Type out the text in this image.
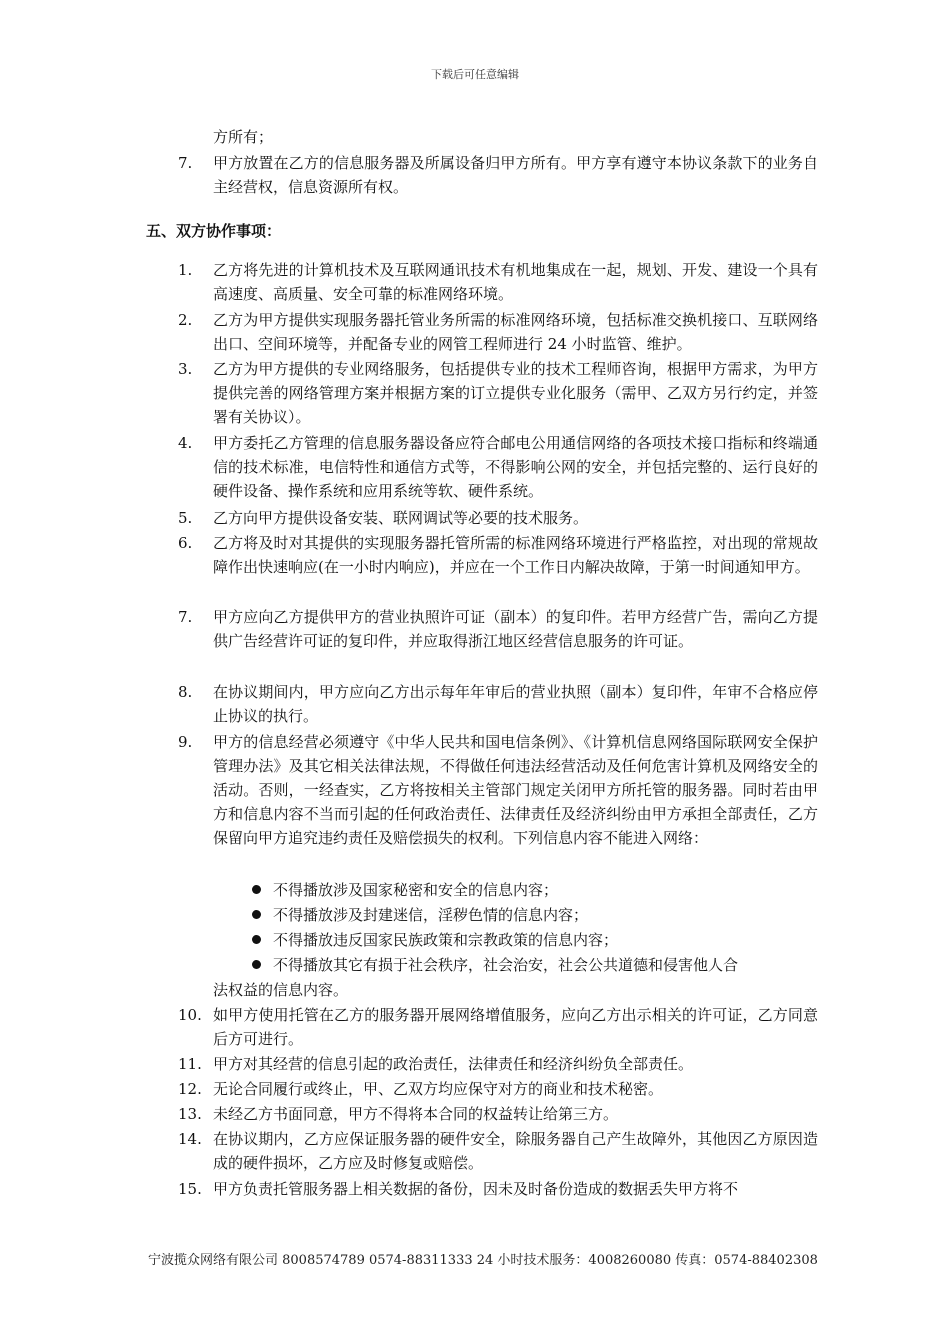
下载后可任意编辑
方所有；
7.	甲方放置在乙方的信息服务器及所属设备归甲方所有。甲方享有遵守本协议条款下的业务自主经营权，信息资源所有权。
五、双方协作事项：
1.	乙方将先进的计算机技术及互联网通讯技术有机地集成在一起，规划、开发、建设一个具有高速度、高质量、安全可靠的标准网络环境。
2.	乙方为甲方提供实现服务器托管业务所需的标准网络环境，包括标准交换机接口、互联网络出口、空间环境等，并配备专业的网管工程师进行 24 小时监管、维护。
3.	乙方为甲方提供的专业网络服务，包括提供专业的技术工程师咨询，根据甲方需求，为甲方提供完善的网络管理方案并根据方案的订立提供专业化服务（需甲、乙双方另行约定，并签署有关协议）。
4.	甲方委托乙方管理的信息服务器设备应符合邮电公用通信网络的各项技术接口指标和终端通信的技术标准，电信特性和通信方式等，不得影响公网的安全，并包括完整的、运行良好的硬件设备、操作系统和应用系统等软、硬件系统。
5.	乙方向甲方提供设备安装、联网调试等必要的技术服务。
6.	乙方将及时对其提供的实现服务器托管所需的标准网络环境进行严格监控，对出现的常规故障作出快速响应(在一小时内响应)，并应在一个工作日内解决故障，于第一时间通知甲方。
7.	甲方应向乙方提供甲方的营业执照许可证（副本）的复印件。若甲方经营广告，需向乙方提供广告经营许可证的复印件，并应取得浙江地区经营信息服务的许可证。
8.	在协议期间内，甲方应向乙方出示每年年审后的营业执照（副本）复印件，年审不合格应停止协议的执行。
9.	甲方的信息经营必须遵守《中华人民共和国电信条例》、《计算机信息网络国际联网安全保护管理办法》及其它相关法律法规，不得做任何违法经营活动及任何危害计算机及网络安全的活动。否则，一经查实，乙方将按相关主管部门规定关闭甲方所托管的服务器。同时若由甲方和信息内容不当而引起的任何政治责任、法律责任及经济纠纷由甲方承担全部责任，乙方保留向甲方追究违约责任及赔偿损失的权利。下列信息内容不能进入网络：
不得播放涉及国家秘密和安全的信息内容；
不得播放涉及封建迷信，淫秽色情的信息内容；
不得播放违反国家民族政策和宗教政策的信息内容；
不得播放其它有损于社会秩序，社会治安，社会公共道德和侵害他人合
法权益的信息内容。
10. 如甲方使用托管在乙方的服务器开展网络增值服务，应向乙方出示相关的许可证，乙方同意后方可进行。
11. 甲方对其经营的信息引起的政治责任，法律责任和经济纠纷负全部责任。
12. 无论合同履行或终止，甲、乙双方均应保守对方的商业和技术秘密。
13. 未经乙方书面同意，甲方不得将本合同的权益转让给第三方。
14. 在协议期内，乙方应保证服务器的硬件安全，除服务器自己产生故障外，其他因乙方原因造成的硬件损坏，乙方应及时修复或赔偿。
15. 甲方负责托管服务器上相关数据的备份，因未及时备份造成的数据丢失甲方将不
宁波揽众网络有限公司 8008574789 0574-88311333 24 小时技术服务：4008260080 传真：0574-88402308
